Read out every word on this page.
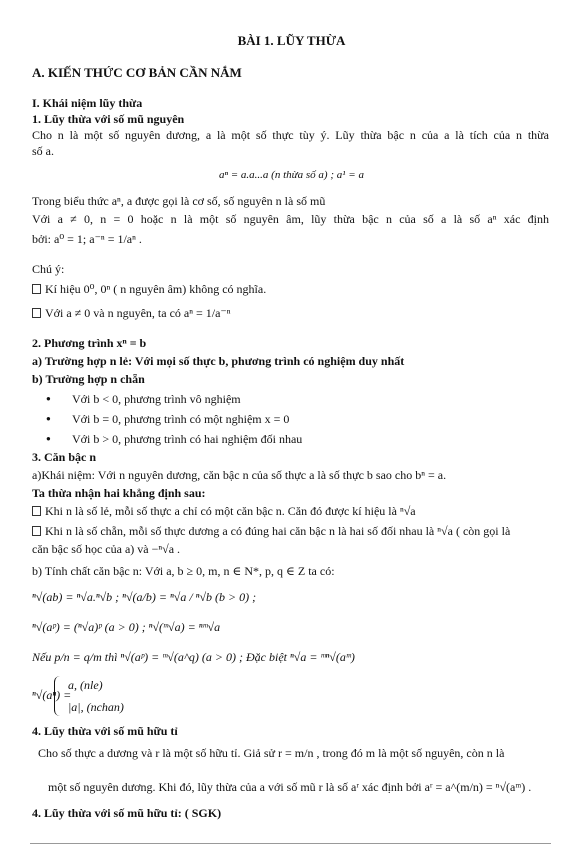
BÀI 1. LŨY THỪA
A. KIẾN THỨC CƠ BẢN CẦN NẮM
I. Khái niệm lũy thừa
1. Lũy thừa với số mũ nguyên
Cho n là một số nguyên dương, a là một số thực tùy ý. Lũy thừa bậc n của a là tích của n thừa
số a.
aⁿ = a.a...a (n thừa số a) ; a¹ = a
Trong biểu thức aⁿ, a được gọi là cơ số, số nguyên n là số mũ
Với a ≠ 0, n = 0 hoặc n là một số nguyên âm, lũy thừa bậc n của số a là số aⁿ xác định
bởi: a⁰ = 1; a⁻ⁿ = 1/aⁿ .
Chú ý:
Kí hiệu 0⁰, 0ⁿ ( n nguyên âm) không có nghĩa.
Với a ≠ 0 và n nguyên, ta có aⁿ = 1/a⁻ⁿ
2. Phương trình xⁿ = b
a) Trường hợp n lẻ: Với mọi số thực b, phương trình có nghiệm duy nhất
b) Trường hợp n chẵn
● Với b < 0, phương trình vô nghiệm
● Với b = 0, phương trình có một nghiệm x = 0
● Với b > 0, phương trình có hai nghiệm đối nhau
3. Căn bậc n
a)Khái niệm: Với n nguyên dương, căn bậc n của số thực a là số thực b sao cho bⁿ = a.
Ta thừa nhận hai khẳng định sau:
Khi n là số lẻ, mỗi số thực a chỉ có một căn bậc n. Căn đó được kí hiệu là ⁿ√a
Khi n là số chẵn, mỗi số thực dương a có đúng hai căn bậc n là hai số đối nhau là ⁿ√a ( còn gọi là
căn bậc số học của a) và −ⁿ√a .
b) Tính chất căn bậc n: Với a, b ≥ 0, m, n ∈ N*, p, q ∈ Z ta có:
ⁿ√(ab) = ⁿ√a.ⁿ√b ; ⁿ√(a/b) = ⁿ√a / ⁿ√b (b > 0) ;
ⁿ√(aᵖ) = (ⁿ√a)ᵖ (a > 0) ; ⁿ√(ᵐ√a) = ⁿᵐ√a
Nếu p/n = q/m thì ⁿ√(aᵖ) = ᵐ√(a^q) (a > 0) ; Đặc biệt ⁿ√a = ᵐⁿ√(aᵐ)
ⁿ√(aⁿ) =
a, (nle)
|a|, (nchan)
4. Lũy thừa với số mũ hữu tỉ
Cho số thực a dương và r là một số hữu tỉ. Giả sử r = m/n , trong đó m là một số nguyên, còn n là
một số nguyên dương. Khi đó, lũy thừa của a với số mũ r là số aʳ xác định bởi aʳ = a^(m/n) = ⁿ√(aᵐ) .
4. Lũy thừa với số mũ hữu tỉ: ( SGK)
